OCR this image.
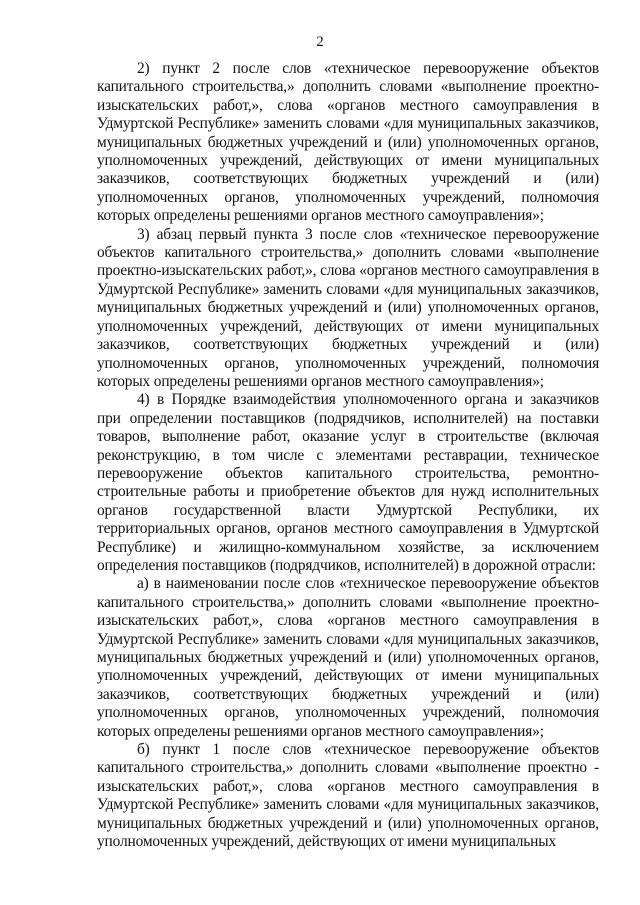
2

2) пункт 2 после слов «техническое перевооружение объектов капитального строительства,» дополнить словами «выполнение проектно-изыскательских работ,», слова «органов местного самоуправления в Удмуртской Республике» заменить словами «для муниципальных заказчиков, муниципальных бюджетных учреждений и (или) уполномоченных органов, уполномоченных учреждений, действующих от имени муниципальных заказчиков, соответствующих бюджетных учреждений и (или) уполномоченных органов, уполномоченных учреждений, полномочия которых определены решениями органов местного самоуправления»;

3) абзац первый пункта 3 после слов «техническое перевооружение объектов капитального строительства,» дополнить словами «выполнение проектно-изыскательских работ,», слова «органов местного самоуправления в Удмуртской Республике» заменить словами «для муниципальных заказчиков, муниципальных бюджетных учреждений и (или) уполномоченных органов, уполномоченных учреждений, действующих от имени муниципальных заказчиков, соответствующих бюджетных учреждений и (или) уполномоченных органов, уполномоченных учреждений, полномочия которых определены решениями органов местного самоуправления»;

4) в Порядке взаимодействия уполномоченного органа и заказчиков при определении поставщиков (подрядчиков, исполнителей) на поставки товаров, выполнение работ, оказание услуг в строительстве (включая реконструкцию, в том числе с элементами реставрации, техническое перевооружение объектов капитального строительства, ремонтно-строительные работы и приобретение объектов для нужд исполнительных органов государственной власти Удмуртской Республики, их территориальных органов, органов местного самоуправления в Удмуртской Республике) и жилищно-коммунальном хозяйстве, за исключением определения поставщиков (подрядчиков, исполнителей) в дорожной отрасли:

а) в наименовании после слов «техническое перевооружение объектов капитального строительства,» дополнить словами «выполнение проектно-изыскательских работ,», слова «органов местного самоуправления в Удмуртской Республике» заменить словами «для муниципальных заказчиков, муниципальных бюджетных учреждений и (или) уполномоченных органов, уполномоченных учреждений, действующих от имени муниципальных заказчиков, соответствующих бюджетных учреждений и (или) уполномоченных органов, уполномоченных учреждений, полномочия которых определены решениями органов местного самоуправления»;

б) пункт 1 после слов «техническое перевооружение объектов капитального строительства,» дополнить словами «выполнение проектно - изыскательских работ,», слова «органов местного самоуправления в Удмуртской Республике» заменить словами «для муниципальных заказчиков, муниципальных бюджетных учреждений и (или) уполномоченных органов, уполномоченных учреждений, действующих от имени муниципальных
